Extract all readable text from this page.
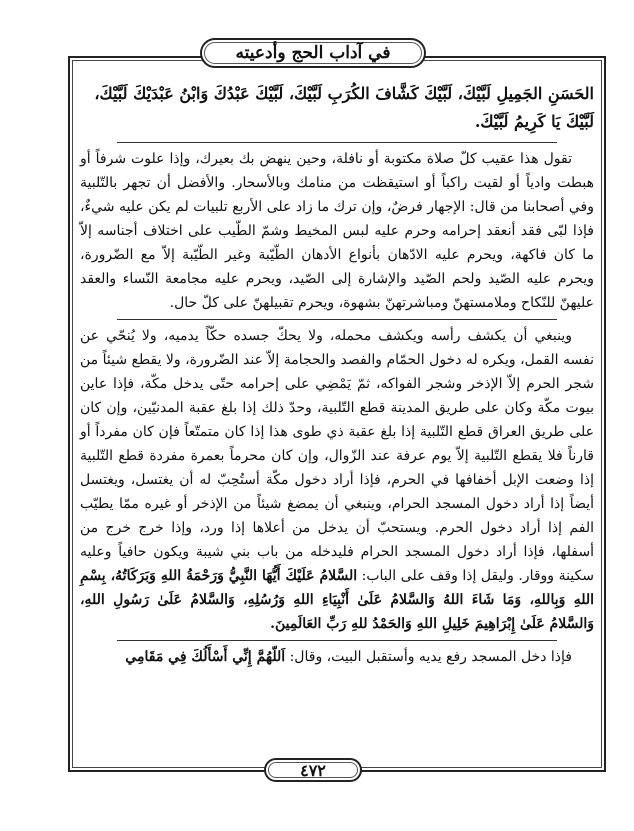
في آداب الحج وأدعيته
الحَسَنِ الجَمِيلِ لَبَّيْكَ، لَبَّيْكَ كَشَّافَ الكُرَبِ لَبَّيْكَ، لَبَّيْكَ عَبْدُكَ وَابْنُ عَبْدَيْكَ لَبَّيْكَ،
لَبَّيْكَ يَا كَرِيمُ لَبَّيْكَ.

تقول هذا عقيب كلّ صلاة مكتوبة أو نافلة، وحين ينهض بك بعيرك، وإذا علوت شرفاً أو هبطت وادياً أو لقيت راكباً أو استيقظت من منامك وبالأسحار. والأفضل أن تجهر بالتّلبية وفي أصحابنا من قال: الإجهار فرضٌ، وإن ترك ما زاد على الأربع تلبيات لم يكن عليه شيءٌ، فإذا لبّى فقد أنعقد إحرامه وحرم عليه لبس المخيط وشمّ الطّيب على اختلاف أجناسه إلاّ ما كان فاكهة، ويحرم عليه الادّهان بأنواع الأدهان الطّيّبة وغير الطّيّبة إلاّ مع الضّرورة، ويحرم عليه الصّيد ولحم الصّيد والإشارة إلى الصّيد، ويحرم عليه مجامعة النّساء والعقد عليهنّ للنّكاح وملامستهنّ ومباشرتهنّ بشهوة، ويحرم تقبيلهنّ على كلّ حال.

وينبغي أن يكشف رأسه ويكشف محمله، ولا يحكّ جسده حكّاً يدميه، ولا يُنحّي عن نفسه القمل، ويكره له دخول الحمّام والفصد والحجامة إلاّ عند الضّرورة، ولا يقطع شيئاً من شجر الحرم إلاّ الإذخر وشجر الفواكه، ثمّ يَمْضِي على إحرامه حتّى يدخل مكّة، فإذا عاين بيوت مكّة وكان على طريق المدينة قطع التّلبية، وحدّ ذلك إذا بلغ عقبة المدنيّين، وإن كان على طريق العراق قطع التّلبية إذا بلغ عقبة ذي طوى هذا إذا كان متمتّعاً فإن كان مفرداً أو قارناً فلا يقطع التّلبية إلاّ يوم عرفة عند الزّوال، وإن كان محرماً بعمرة مفردة قطع التّلبية إذا وضعت الإبل أخفافها في الحرم، فإذا أراد دخول مكّة أستُحِبّ له أن يغتسل، ويغتسل أيضاً إذا أراد دخول المسجد الحرام، وينبغي أن يمضغ شيئاً من الإذخر أو غيره ممّا يطيّب الفم إذا أراد دخول الحرم. ويستحبّ أن يدخل من أعلاها إذا ورد، وإذا خرج خرج من أسفلها، فإذا أراد دخول المسجد الحرام فليدخله من باب بني شيبة ويكون حافياً وعليه سكينة ووقار. وليقل إذا وقف على الباب: السَّلامُ عَلَيْكَ أَيُّهَا النَّبِيُّ وَرَحْمَةُ اللهِ وَبَرَكَاتُهُ، بِسْمِ اللهِ وَبِاللهِ، وَمَا شَاءَ اللهُ وَالسَّلامُ عَلَىٰ أَنْبِيَاءِ اللهِ وَرُسُلِهِ، وَالسَّلامُ عَلَىٰ رَسُولِ اللهِ، وَالسَّلامُ عَلَىٰ إِبْرَاهِيمَ خَلِيلِ اللهِ وَالحَمْدُ للهِ رَبِّ العَالَمِينَ.

فإذا دخل المسجد رفع يديه وأستقبل البيت، وقال: اَللّهُمَّ إِنِّي أَسْأَلُكَ فِي مَقَامِي

٤٧٢
